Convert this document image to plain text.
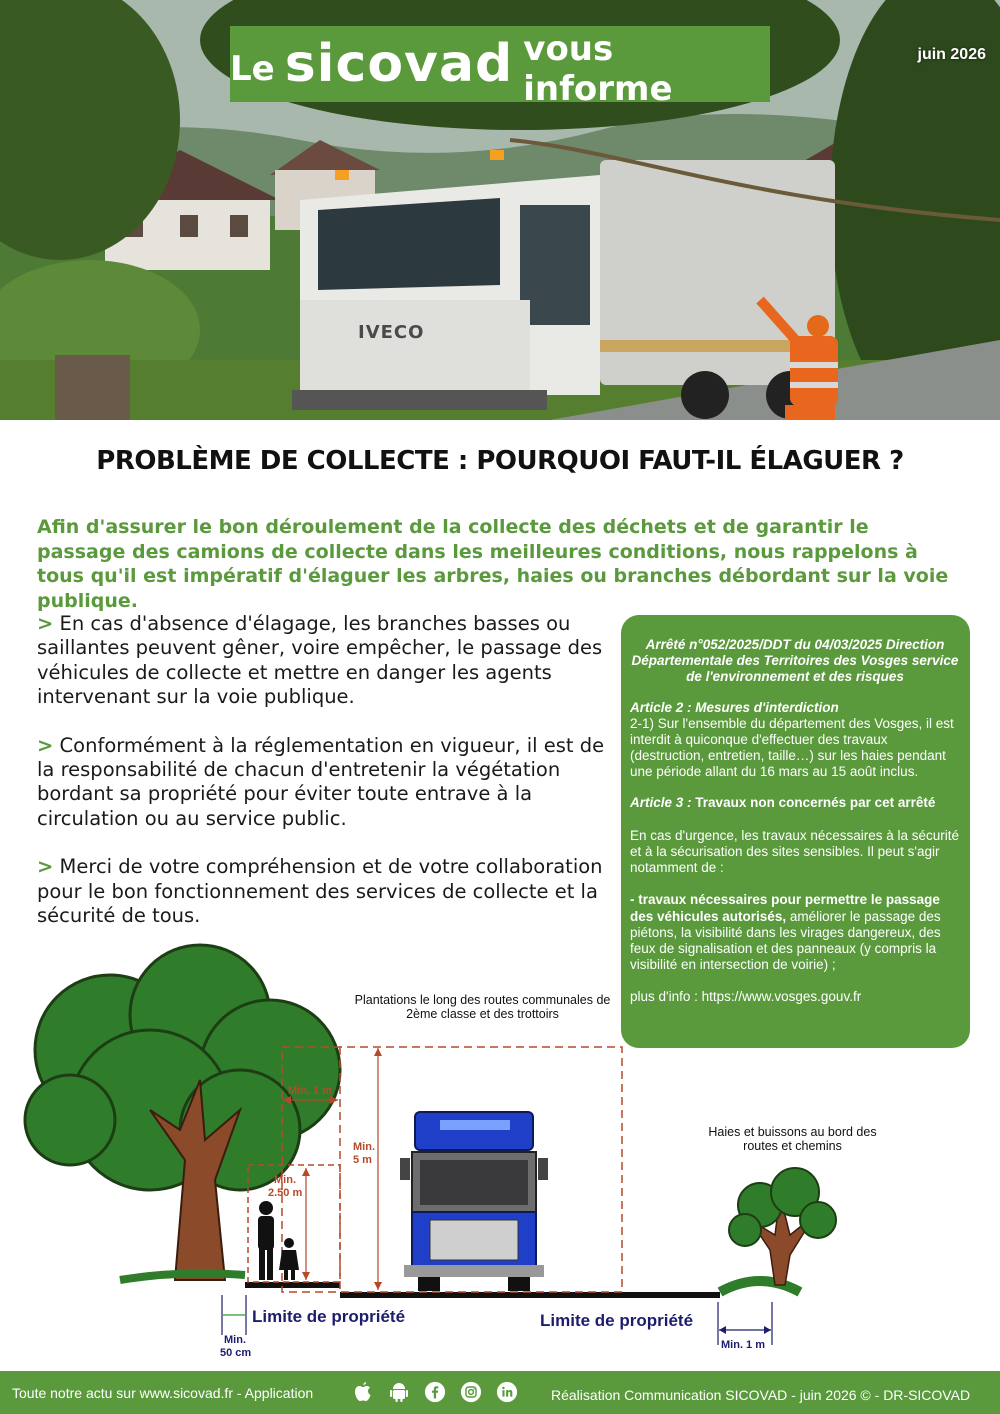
IVECO
Le sicovad vous informe
juin 2026
PROBLÈME DE COLLECTE : POURQUOI FAUT-IL ÉLAGUER ?
Afin d'assurer le bon déroulement de la collecte des déchets et de garantir le passage des camions de collecte dans les meilleures conditions, nous rappelons à tous qu'il est impératif d'élaguer les arbres, haies ou branches débordant sur la voie publique.

> En cas d'absence d'élagage, les branches basses ou saillantes peuvent gêner, voire empêcher, le passage des véhicules de collecte et mettre en danger les agents intervenant sur la voie publique.

> Conformément à la réglementation en vigueur, il est de la responsabilité de chacun d'entretenir la végétation bordant sa propriété pour éviter toute entrave à la circulation ou au service public.

> Merci de votre compréhension et de votre collaboration pour le bon fonctionnement des services de collecte et la sécurité de tous.

Plantations le long des routes communales de 2ème classe et des trottoirs
Haies et buissons au bord des routes et chemins
Min. 1 m
Min.
5 m
Min.
2.50 m
Min.
50 cm
Min. 1 m
Limite de propriété	Limite de propriété
Arrêté n°052/2025/DDT du 04/03/2025 Direction Départementale des Territoires des Vosges service de l'environnement et des risques
Article 2 : Mesures d'interdiction
2-1) Sur l'ensemble du département des Vosges, il est interdit à quiconque d'effectuer des travaux (destruction, entretien, taille…) sur les haies pendant une période allant du 16 mars au 15 août inclus.
Article 3 : Travaux non concernés par cet arrêté
En cas d'urgence, les travaux nécessaires à la sécurité et à la sécurisation des sites sensibles. Il peut s'agir notamment de :
- travaux nécessaires pour permettre le passage des véhicules autorisés, améliorer le passage des piétons, la visibilité dans les virages dangereux, des feux de signalisation et des panneaux (y compris la visibilité en intersection de voirie) ;
plus d'info : https://www.vosges.gouv.fr
Toute notre actu sur www.sicovad.fr - Application	Réalisation Communication SICOVAD - juin 2026 © - DR-SICOVAD
